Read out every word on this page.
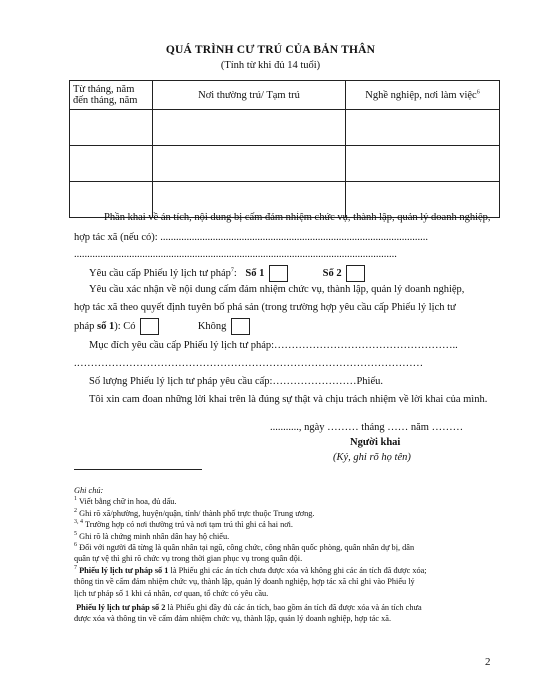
QUÁ TRÌNH CƯ TRÚ CỦA BẢN THÂN
(Tính từ khi đủ 14 tuổi)
Từ tháng, năm đến tháng, năm	Nơi thường trú/ Tạm trú	Nghề nghiệp, nơi làm việc$^6$

Phần khai về án tích, nội dung bị cấm đảm nhiệm chức vụ, thành lập, quản lý doanh nghiệp,
hợp tác xã (nếu có): ......................................................................................................
...........................................................................................................................
Yêu cầu cấp Phiếu lý lịch tư pháp$^7$: Số 1	Số 2
Yêu cầu xác nhận về nội dung cấm đảm nhiệm chức vụ, thành lập, quản lý doanh nghiệp,
hợp tác xã theo quyết định tuyên bố phá sản (trong trường hợp yêu cầu cấp Phiếu lý lịch tư
pháp số 1): Có	Không
Mục đích yêu cầu cấp Phiếu lý lịch tư pháp:……………………………………………..
.………………………………………………………………………………………
Số lượng Phiếu lý lịch tư pháp yêu cầu cấp:……………………Phiếu.
Tôi xin cam đoan những lời khai trên là đúng sự thật và chịu trách nhiệm về lời khai của mình.
..........., ngày ……… tháng …… năm ………
Người khai
(Ký, ghi rõ họ tên)
Ghi chú:
$^1$ Viết bằng chữ in hoa, đủ dấu.
$^2$ Ghi rõ xã/phường, huyện/quận, tỉnh/ thành phố trực thuộc Trung ương.
$^{3, 4}$ Trường hợp có nơi thường trú và nơi tạm trú thì ghi cả hai nơi.
$^5$ Ghi rõ là chứng minh nhân dân hay hộ chiếu.
$^6$ Đối với người đã từng là quân nhân tại ngũ, công chức, công nhân quốc phòng, quân nhân dự bị, dân
quân tự vệ thì ghi rõ chức vụ trong thời gian phục vụ trong quân đội.
$^7$ Phiếu lý lịch tư pháp số 1 là Phiếu ghi các án tích chưa được xóa và không ghi các án tích đã được xóa;
thông tin về cấm đảm nhiệm chức vụ, thành lập, quản lý doanh nghiệp, hợp tác xã chỉ ghi vào Phiếu lý
lịch tư pháp số 1 khi cá nhân, cơ quan, tổ chức có yêu cầu.
Phiếu lý lịch tư pháp số 2 là Phiếu ghi đầy đủ các án tích, bao gồm án tích đã được xóa và án tích chưa
được xóa và thông tin về cấm đảm nhiệm chức vụ, thành lập, quản lý doanh nghiệp, hợp tác xã.
2
